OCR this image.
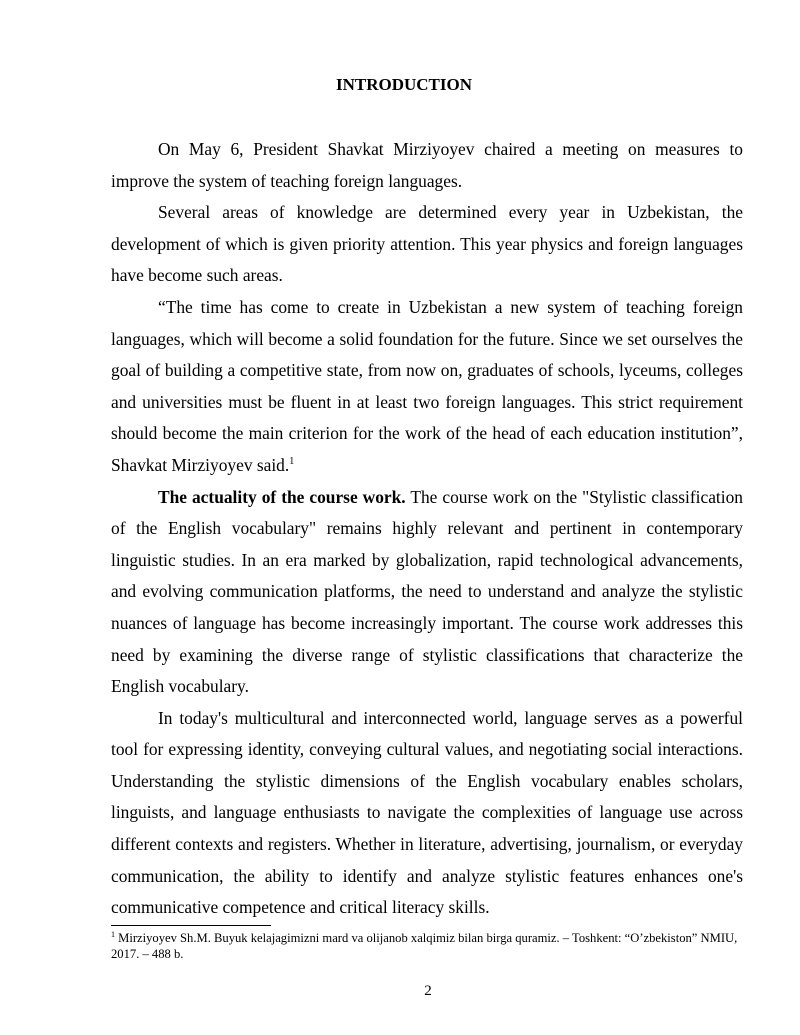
INTRODUCTION

On May 6, President Shavkat Mirziyoyev chaired a meeting on measures to improve the system of teaching foreign languages.

Several areas of knowledge are determined every year in Uzbekistan, the development of which is given priority attention. This year physics and foreign languages have become such areas.

“The time has come to create in Uzbekistan a new system of teaching foreign languages, which will become a solid foundation for the future. Since we set ourselves the goal of building a competitive state, from now on, graduates of schools, lyceums, colleges and universities must be fluent in at least two foreign languages. This strict requirement should become the main criterion for the work of the head of each education institution”, Shavkat Mirziyoyev said.$^1$

The actuality of the course work. The course work on the "Stylistic classification of the English vocabulary" remains highly relevant and pertinent in contemporary linguistic studies. In an era marked by globalization, rapid technological advancements, and evolving communication platforms, the need to understand and analyze the stylistic nuances of language has become increasingly important. The course work addresses this need by examining the diverse range of stylistic classifications that characterize the English vocabulary.

In today's multicultural and interconnected world, language serves as a powerful tool for expressing identity, conveying cultural values, and negotiating social interactions. Understanding the stylistic dimensions of the English vocabulary enables scholars, linguists, and language enthusiasts to navigate the complexities of language use across different contexts and registers. Whether in literature, advertising, journalism, or everyday communication, the ability to identify and analyze stylistic features enhances one's communicative competence and critical literacy skills.

$^1$ Mirziyoyev Sh.M. Buyuk kelajagimizni mard va olijanob xalqimiz bilan birga quramiz. – Toshkent: “O’zbekiston” NMIU, 2017. – 488 b.
2
